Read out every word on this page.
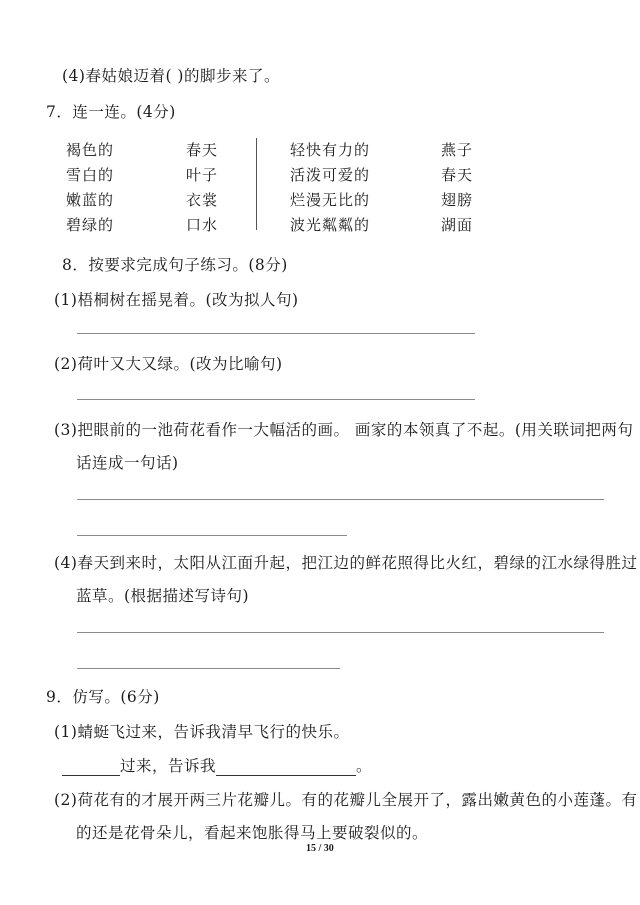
(4)春姑娘迈着( )的脚步来了。
7．连一连。(4分)
褐色的
雪白的
嫩蓝的
碧绿的
春天
叶子
衣裳
口水
轻快有力的
活泼可爱的
烂漫无比的
波光粼粼的
燕子
春天
翅膀
湖面
8．按要求完成句子练习。(8分)
(1)梧桐树在摇晃着。(改为拟人句)
(2)荷叶又大又绿。(改为比喻句)
(3)把眼前的一池荷花看作一大幅活的画。 画家的本领真了不起。(用关联词把两句
话连成一句话)
(4)春天到来时，太阳从江面升起，把江边的鲜花照得比火红，碧绿的江水绿得胜过
蓝草。(根据描述写诗句)
9．仿写。(6分)
(1)蜻蜓飞过来，告诉我清早飞行的快乐。
过来，告诉我	。
(2)荷花有的才展开两三片花瓣儿。有的花瓣儿全展开了，露出嫩黄色的小莲蓬。有
的还是花骨朵儿，看起来饱胀得马上要破裂似的。
15 / 30
